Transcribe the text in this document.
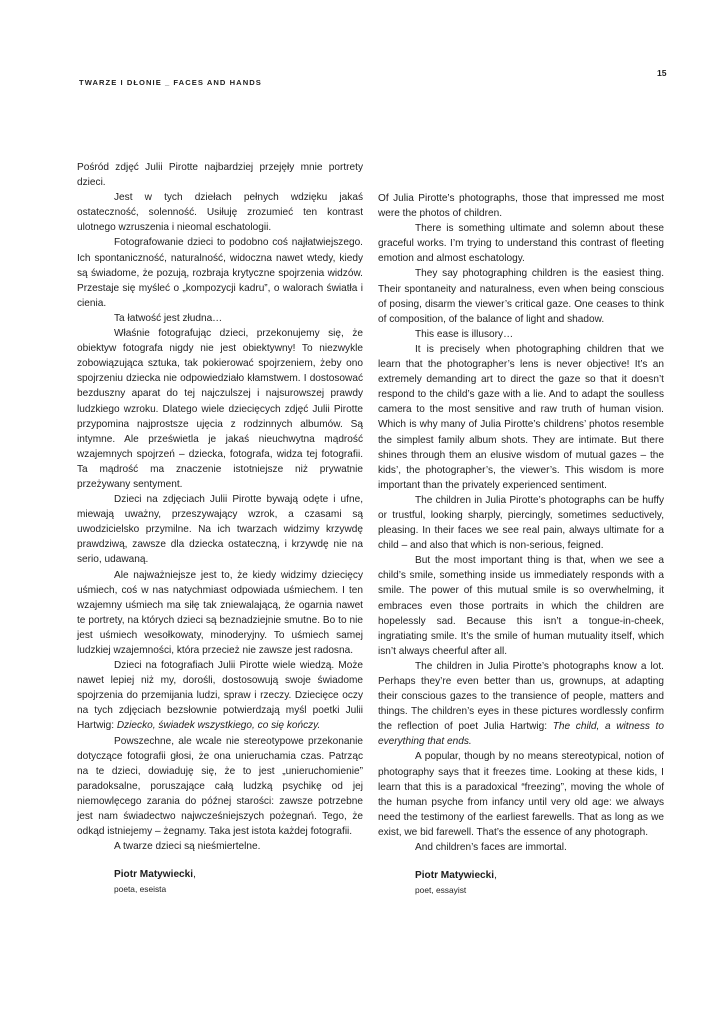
TWARZE I DŁONIE _ FACES AND HANDS
15

Pośród zdjęć Julii Pirotte najbardziej przejęły mnie portrety dzieci.

Jest w tych dziełach pełnych wdzięku jakaś ostateczność, solenność. Usiłuję zrozumieć ten kontrast ulotnego wzruszenia i nieomal eschatologii.

Fotografowanie dzieci to podobno coś najłatwiejszego. Ich spontaniczność, naturalność, widoczna nawet wtedy, kiedy są świadome, że pozują, rozbraja krytyczne spojrzenia widzów. Przestaje się myśleć o „kompozycji kadru”, o walorach światła i cienia.

Ta łatwość jest złudna…

Właśnie fotografując dzieci, przekonujemy się, że obiektyw fotografa nigdy nie jest obiektywny! To niezwykle zobowiązująca sztuka, tak pokierować spojrzeniem, żeby ono spojrzeniu dziecka nie odpowiedziało kłamstwem. I dostosować bezduszny aparat do tej najczulszej i najsurowszej prawdy ludzkiego wzroku. Dlatego wiele dziecięcych zdjęć Julii Pirotte przypomina najprostsze ujęcia z rodzinnych albumów. Są intymne. Ale prześwietla je jakaś nieuchwytna mądrość wzajemnych spojrzeń – dziecka, fotografa, widza tej fotografii. Ta mądrość ma znaczenie istotniejsze niż prywatnie przeżywany sentyment.

Dzieci na zdjęciach Julii Pirotte bywają odęte i ufne, miewają uważny, przeszywający wzrok, a czasami są uwodzicielsko przymilne. Na ich twarzach widzimy krzywdę prawdziwą, zawsze dla dziecka ostateczną, i krzywdę nie na serio, udawaną.

Ale najważniejsze jest to, że kiedy widzimy dziecięcy uśmiech, coś w nas natychmiast odpowiada uśmiechem. I ten wzajemny uśmiech ma siłę tak zniewalającą, że ogarnia nawet te portrety, na których dzieci są beznadziejnie smutne. Bo to nie jest uśmiech wesołkowaty, minoderyjny. To uśmiech samej ludzkiej wzajemności, która przecież nie zawsze jest radosna.

Dzieci na fotografiach Julii Pirotte wiele wiedzą. Może nawet lepiej niż my, dorośli, dostosowują swoje świadome spojrzenia do przemijania ludzi, spraw i rzeczy. Dziecięce oczy na tych zdjęciach bezsłownie potwierdzają myśl poetki Julii Hartwig: Dziecko, świadek wszystkiego, co się kończy.

Powszechne, ale wcale nie stereotypowe przekonanie dotyczące fotografii głosi, że ona unieruchamia czas. Patrząc na te dzieci, dowiaduję się, że to jest „unieruchomienie” paradoksalne, poruszające całą ludzką psychikę od jej niemowlęcego zarania do późnej starości: zawsze potrzebne jest nam świadectwo najwcześniejszych pożegnań. Tego, że odkąd istniejemy – żegnamy. Taka jest istota każdej fotografii.

A twarze dzieci są nieśmiertelne.

Piotr Matywiecki,
poeta, eseista

Of Julia Pirotte’s photographs, those that impressed me most were the photos of children.

There is something ultimate and solemn about these graceful works. I’m trying to understand this contrast of fleeting emotion and almost eschatology.

They say photographing children is the easiest thing. Their spontaneity and naturalness, even when being conscious of posing, disarm the viewer’s critical gaze. One ceases to think of composition, of the balance of light and shadow.

This ease is illusory…

It is precisely when photographing children that we learn that the photographer’s lens is never objective! It’s an extremely demanding art to direct the gaze so that it doesn’t respond to the child’s gaze with a lie. And to adapt the soulless camera to the most sensitive and raw truth of human vision. Which is why many of Julia Pirotte’s childrens’ photos resemble the simplest family album shots. They are intimate. But there shines through them an elusive wisdom of mutual gazes – the kids’, the photographer’s, the viewer’s. This wisdom is more important than the privately experienced sentiment.

The children in Julia Pirotte’s photographs can be huffy or trustful, looking sharply, piercingly, sometimes seductively, pleasing. In their faces we see real pain, always ultimate for a child – and also that which is non-serious, feigned.

But the most important thing is that, when we see a child’s smile, something inside us immediately responds with a smile. The power of this mutual smile is so overwhelming, it embraces even those portraits in which the children are hopelessly sad. Because this isn’t a tongue-in-cheek, ingratiating smile. It’s the smile of human mutuality itself, which isn’t always cheerful after all.

The children in Julia Pirotte’s photographs know a lot. Perhaps they’re even better than us, grownups, at adapting their conscious gazes to the transience of people, matters and things. The children’s eyes in these pictures wordlessly confirm the reflection of poet Julia Hartwig: The child, a witness to everything that ends.

A popular, though by no means stereotypical, notion of photography says that it freezes time. Looking at these kids, I learn that this is a paradoxical “freezing”, moving the whole of the human psyche from infancy until very old age: we always need the testimony of the earliest farewells. That as long as we exist, we bid farewell. That’s the essence of any photograph.

And children’s faces are immortal.

Piotr Matywiecki,
poet, essayist
